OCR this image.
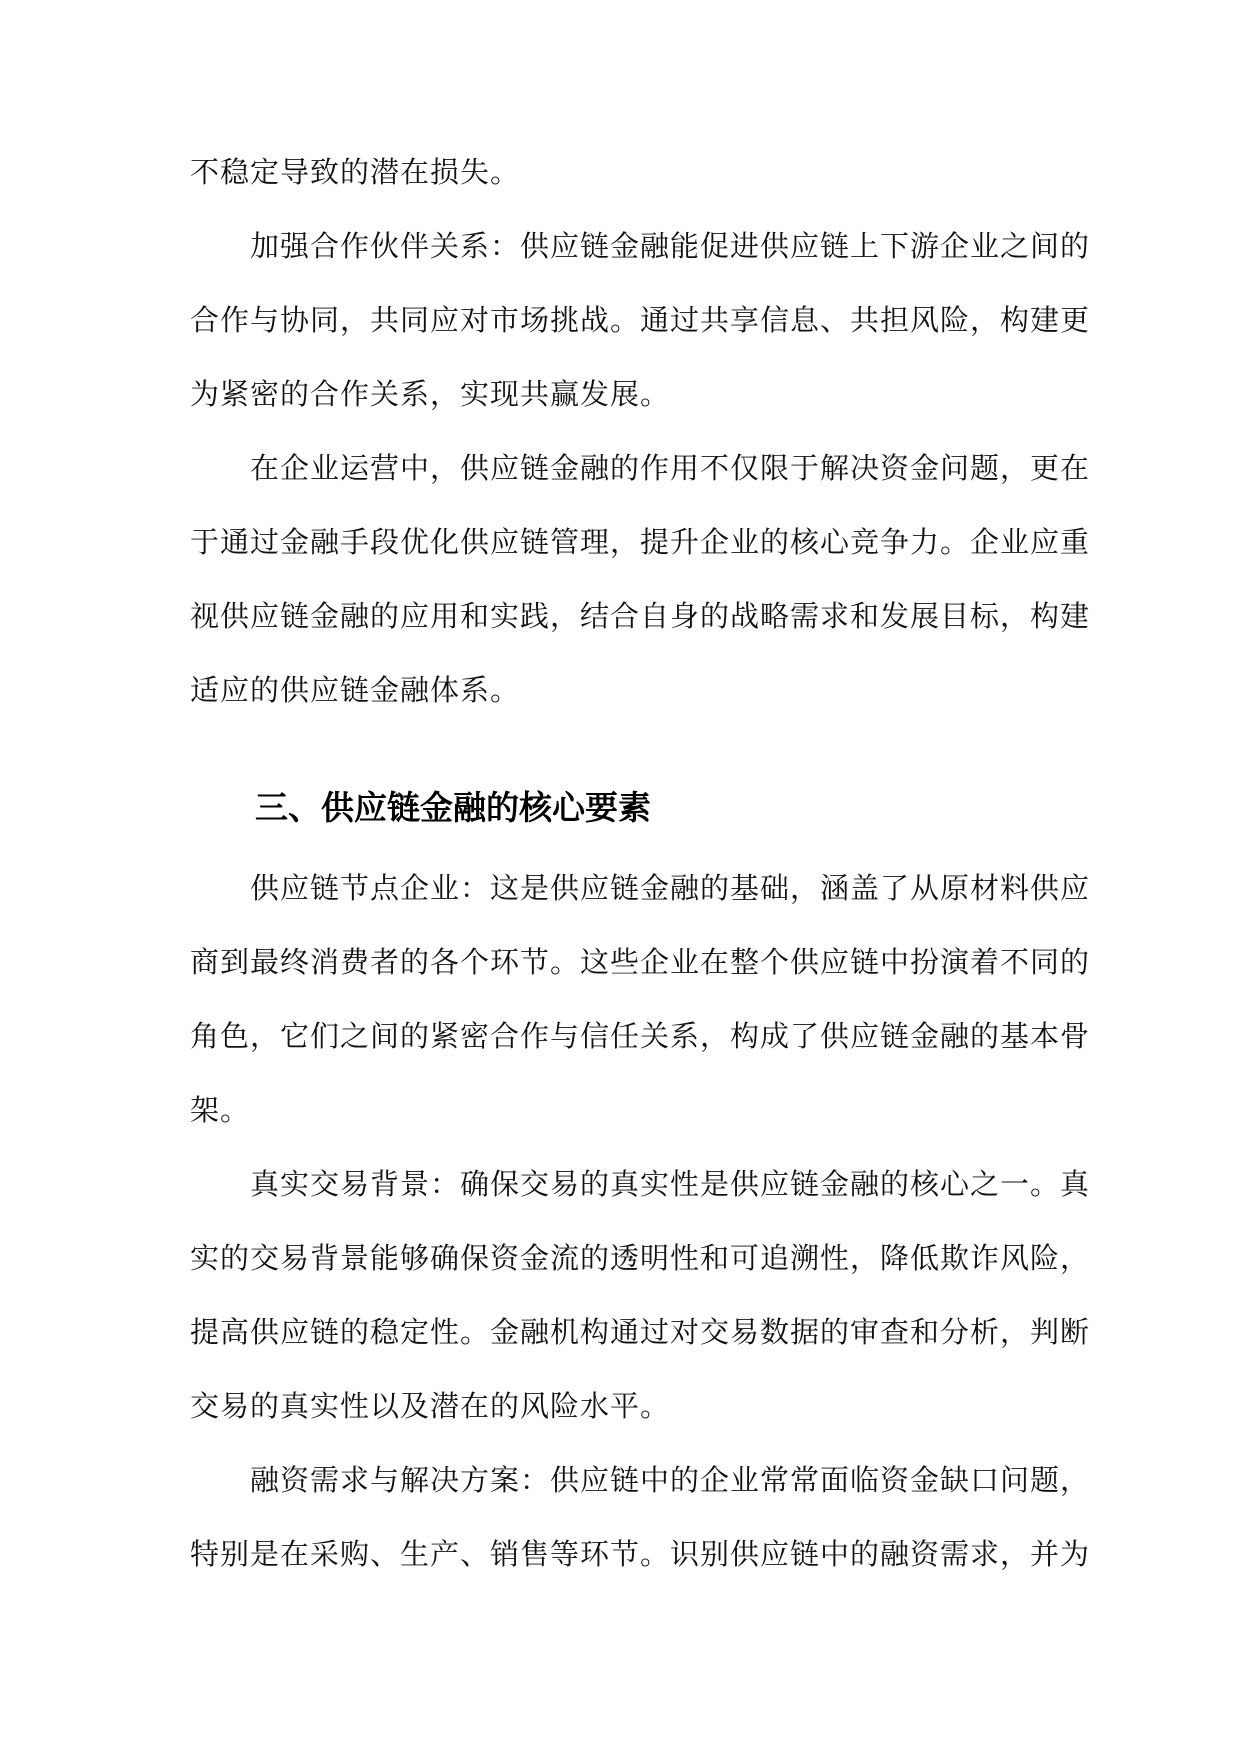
不稳定导致的潜在损失。
加强合作伙伴关系：供应链金融能促进供应链上下游企业之间的
合作与协同，共同应对市场挑战。通过共享信息、共担风险，构建更
为紧密的合作关系，实现共赢发展。
在企业运营中，供应链金融的作用不仅限于解决资金问题，更在
于通过金融手段优化供应链管理，提升企业的核心竞争力。企业应重
视供应链金融的应用和实践，结合自身的战略需求和发展目标，构建
适应的供应链金融体系。
三、供应链金融的核心要素
供应链节点企业：这是供应链金融的基础，涵盖了从原材料供应
商到最终消费者的各个环节。这些企业在整个供应链中扮演着不同的
角色，它们之间的紧密合作与信任关系，构成了供应链金融的基本骨
架。
真实交易背景：确保交易的真实性是供应链金融的核心之一。真
实的交易背景能够确保资金流的透明性和可追溯性，降低欺诈风险，
提高供应链的稳定性。金融机构通过对交易数据的审查和分析，判断
交易的真实性以及潜在的风险水平。
融资需求与解决方案：供应链中的企业常常面临资金缺口问题，
特别是在采购、生产、销售等环节。识别供应链中的融资需求，并为
